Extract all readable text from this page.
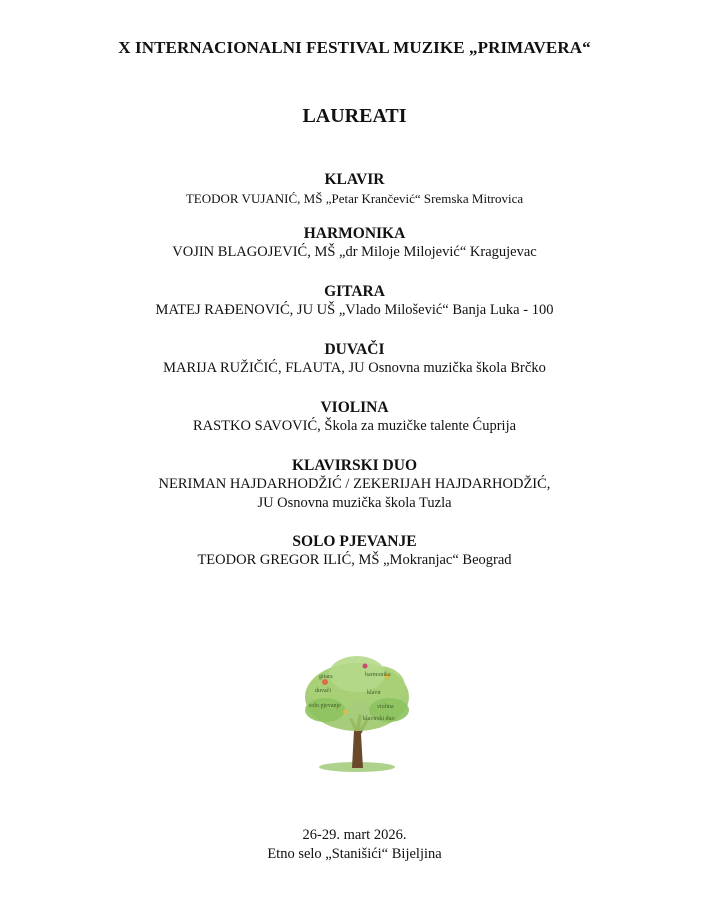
X INTERNACIONALNI FESTIVAL MUZIKE „PRIMAVERA“
LAUREATI
KLAVIR
TEODOR VUJANIĆ, MŠ „Petar Krančević“ Sremska Mitrovica
HARMONIKA
VOJIN BLAGOJEVIĆ, MŠ „dr Miloje Milojević“ Kragujevac
GITARA
MATEJ RAĐENOVIĆ, JU UŠ „Vlado Milošević“ Banja Luka - 100
DUVAČI
MARIJA RUŽIČIĆ, FLAUTA, JU Osnovna muzička škola Brčko
VIOLINA
RASTKO SAVOVIĆ, Škola za muzičke talente Ćuprija
KLAVIRSKI DUO
NERIMAN HAJDARHODŽIĆ / ZEKERIJAH HAJDARHODŽIĆ,
JU Osnovna muzička škola Tuzla
SOLO PJEVANJE
TEODOR GREGOR ILIĆ, MŠ „Mokranjac“ Beograd
gitara	harmonika
duvači	klavir
solo pjevanje	violina
klavirski duo
26-29. mart 2026.
Etno selo „Stanišići“ Bijeljina
